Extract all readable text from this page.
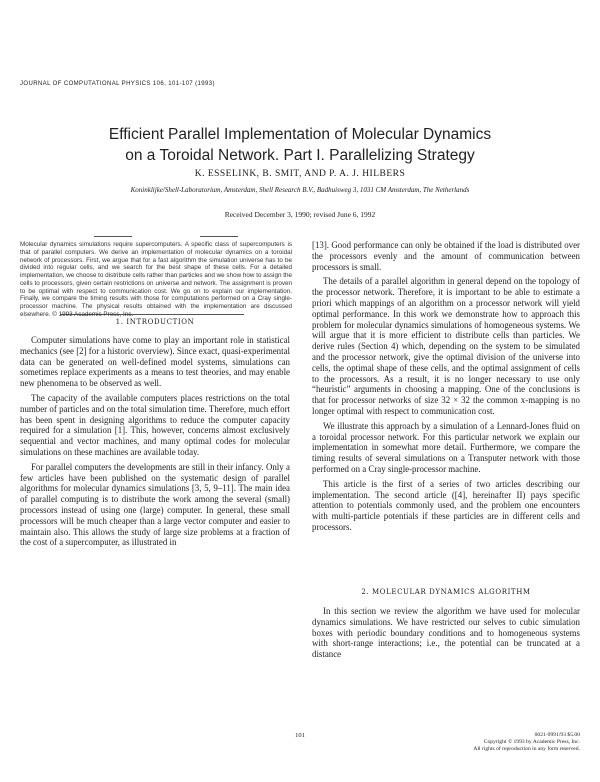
JOURNAL OF COMPUTATIONAL PHYSICS 106, 101-107 (1993)
Efficient Parallel Implementation of Molecular Dynamics
on a Toroidal Network. Part I. Parallelizing Strategy
K. ESSELINK, B. SMIT, AND P. A. J. HILBERS
Koninklijke/Shell-Laboratorium, Amsterdam, Shell Research B.V., Badhuisweg 3, 1031 CM Amsterdam, The Netherlands
Received December 3, 1990; revised June 6, 1992

Molecular dynamics simulations require supercomputers. A specific class of supercomputers is that of parallel computers. We derive an implementation of molecular dynamics on a toroidal network of processors. First, we argue that for a fast algorithm the simulation universe has to be divided into regular cells, and we search for the best shape of these cells. For a detailed implementation, we choose to distribute cells rather than particles and we show how to assign the cells to processors, given certain restrictions on universe and network. The assignment is proven to be optimal with respect to communication cost. We go on to explain our implementation. Finally, we compare the timing results with those for computations performed on a Cray single-processor machine. The physical results obtained with the implementation are discussed elsewhere. © 1993 Academic Press, Inc.

1. INTRODUCTION

Computer simulations have come to play an important role in statistical mechanics (see [2] for a historic overview). Since exact, quasi-experimental data can be generated on well-defined model systems, simulations can sometimes replace experiments as a means to test theories, and may enable new phenomena to be observed as well.

The capacity of the available computers places restrictions on the total number of particles and on the total simulation time. Therefore, much effort has been spent in designing algorithms to reduce the computer capacity required for a simulation [1]. This, however, concerns almost exclusively sequential and vector machines, and many optimal codes for molecular simulations on these machines are available today.

For parallel computers the developments are still in their infancy. Only a few articles have been published on the systematic design of parallel algorithms for molecular dynamics simulations [3, 5, 9–11]. The main idea of parallel computing is to distribute the work among the several (small) processors instead of using one (large) computer. In general, these small processors will be much cheaper than a large vector computer and easier to maintain also. This allows the study of large size problems at a fraction of the cost of a supercomputer, as illustrated in

[13]. Good performance can only be obtained if the load is distributed over the processors evenly and the amount of communication between processors is small.

The details of a parallel algorithm in general depend on the topology of the processor network. Therefore, it is important to be able to estimate a priori which mappings of an algorithm on a processor network will yield optimal performance. In this work we demonstrate how to approach this problem for molecular dynamics simulations of homogeneous systems. We will argue that it is more efficient to distribute cells than particles. We derive rules (Section 4) which, depending on the system to be simulated and the processor network, give the optimal division of the universe into cells, the optimal shape of these cells, and the optimal assignment of cells to the processors. As a result, it is no longer necessary to use only “heuristic” arguments in choosing a mapping. One of the conclusions is that for processor networks of size 32 × 32 the common x-mapping is no longer optimal with respect to communication cost.

We illustrate this approach by a simulation of a Lennard-Jones fluid on a toroidal processor network. For this particular network we explain our implementation in somewhat more detail. Furthermore, we compare the timing results of several simulations on a Transputer network with those performed on a Cray single-processor machine.

This article is the first of a series of two articles describing our implementation. The second article ([4], hereinafter II) pays specific attention to potentials commonly used, and the problem one encounters with multi-particle potentials if these particles are in different cells and processors.

2. MOLECULAR DYNAMICS ALGORITHM

In this section we review the algorithm we have used for molecular dynamics simulations. We have restricted our selves to cubic simulation boxes with periodic boundary conditions and to homogeneous systems with short-range interactions; i.e., the potential can be truncated at a distance

101	0021-9991/93 $5.00
Copyright © 1993 by Academic Press, Inc.
All rights of reproduction in any form reserved.
